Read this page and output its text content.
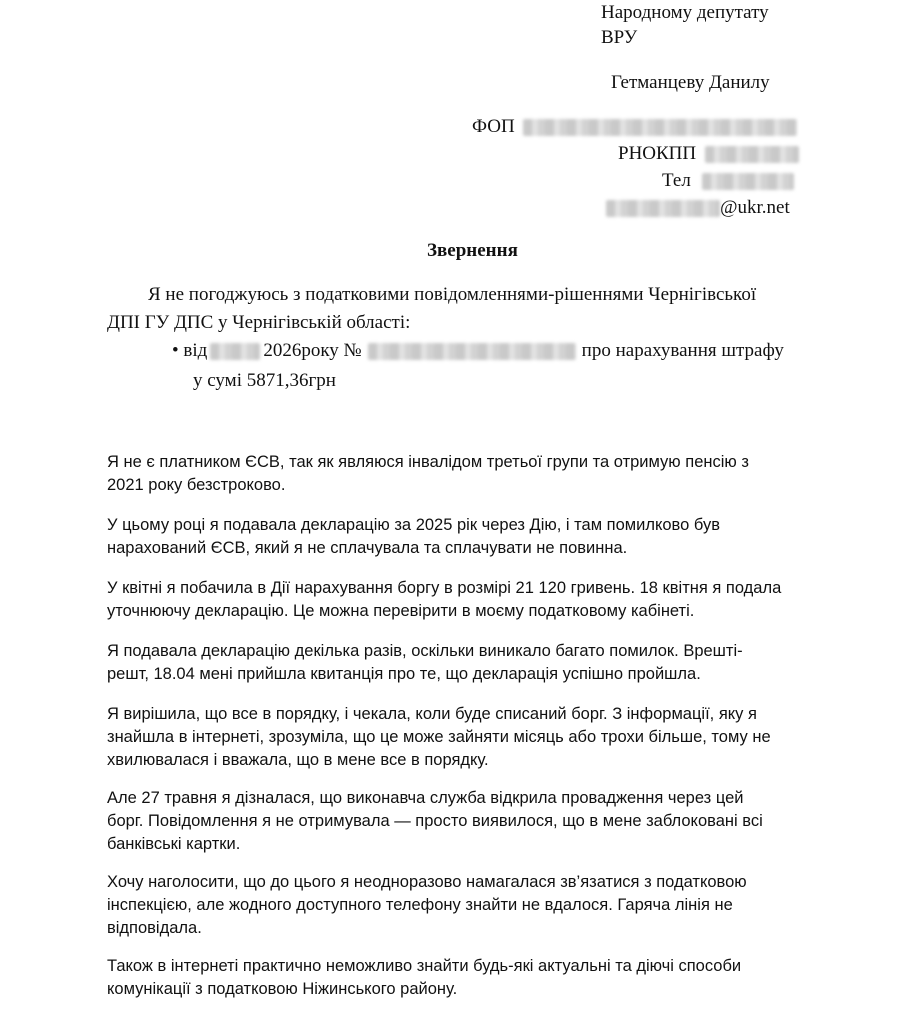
Народному депутату
ВРУ
Гетманцеву Данилу
ФОП
РНОКПП
Тел
@ukr.net
Звернення
Я не погоджуюсь з податковими повідомленнями-рішеннями Чернігівської
ДПІ ГУ ДПС у Чернігівській області:
• від	2026року №	про нарахування штрафу
у сумі 5871,36грн
Я не є платником ЄСВ, так як являюся інвалідом третьої групи та отримую пенсію з
2021 року безстроково.
У цьому році я подавала декларацію за 2025 рік через Дію, і там помилково був
нарахований ЄСВ, який я не сплачувала та сплачувати не повинна.
У квітні я побачила в Дії нарахування боргу в розмірі 21 120 гривень. 18 квітня я подала
уточнюючу декларацію. Це можна перевірити в моєму податковому кабінеті.
Я подавала декларацію декілька разів, оскільки виникало багато помилок. Врешті-
решт, 18.04 мені прийшла квитанція про те, що декларація успішно пройшла.
Я вирішила, що все в порядку, і чекала, коли буде списаний борг. З інформації, яку я
знайшла в інтернеті, зрозуміла, що це може зайняти місяць або трохи більше, тому не
хвилювалася і вважала, що в мене все в порядку.
Але 27 травня я дізналася, що виконавча служба відкрила провадження через цей
борг. Повідомлення я не отримувала — просто виявилося, що в мене заблоковані всі
банківські картки.
Хочу наголосити, що до цього я неодноразово намагалася зв’язатися з податковою
інспекцією, але жодного доступного телефону знайти не вдалося. Гаряча лінія не
відповідала.
Також в інтернеті практично неможливо знайти будь-які актуальні та діючі способи
комунікації з податковою Ніжинського району.
